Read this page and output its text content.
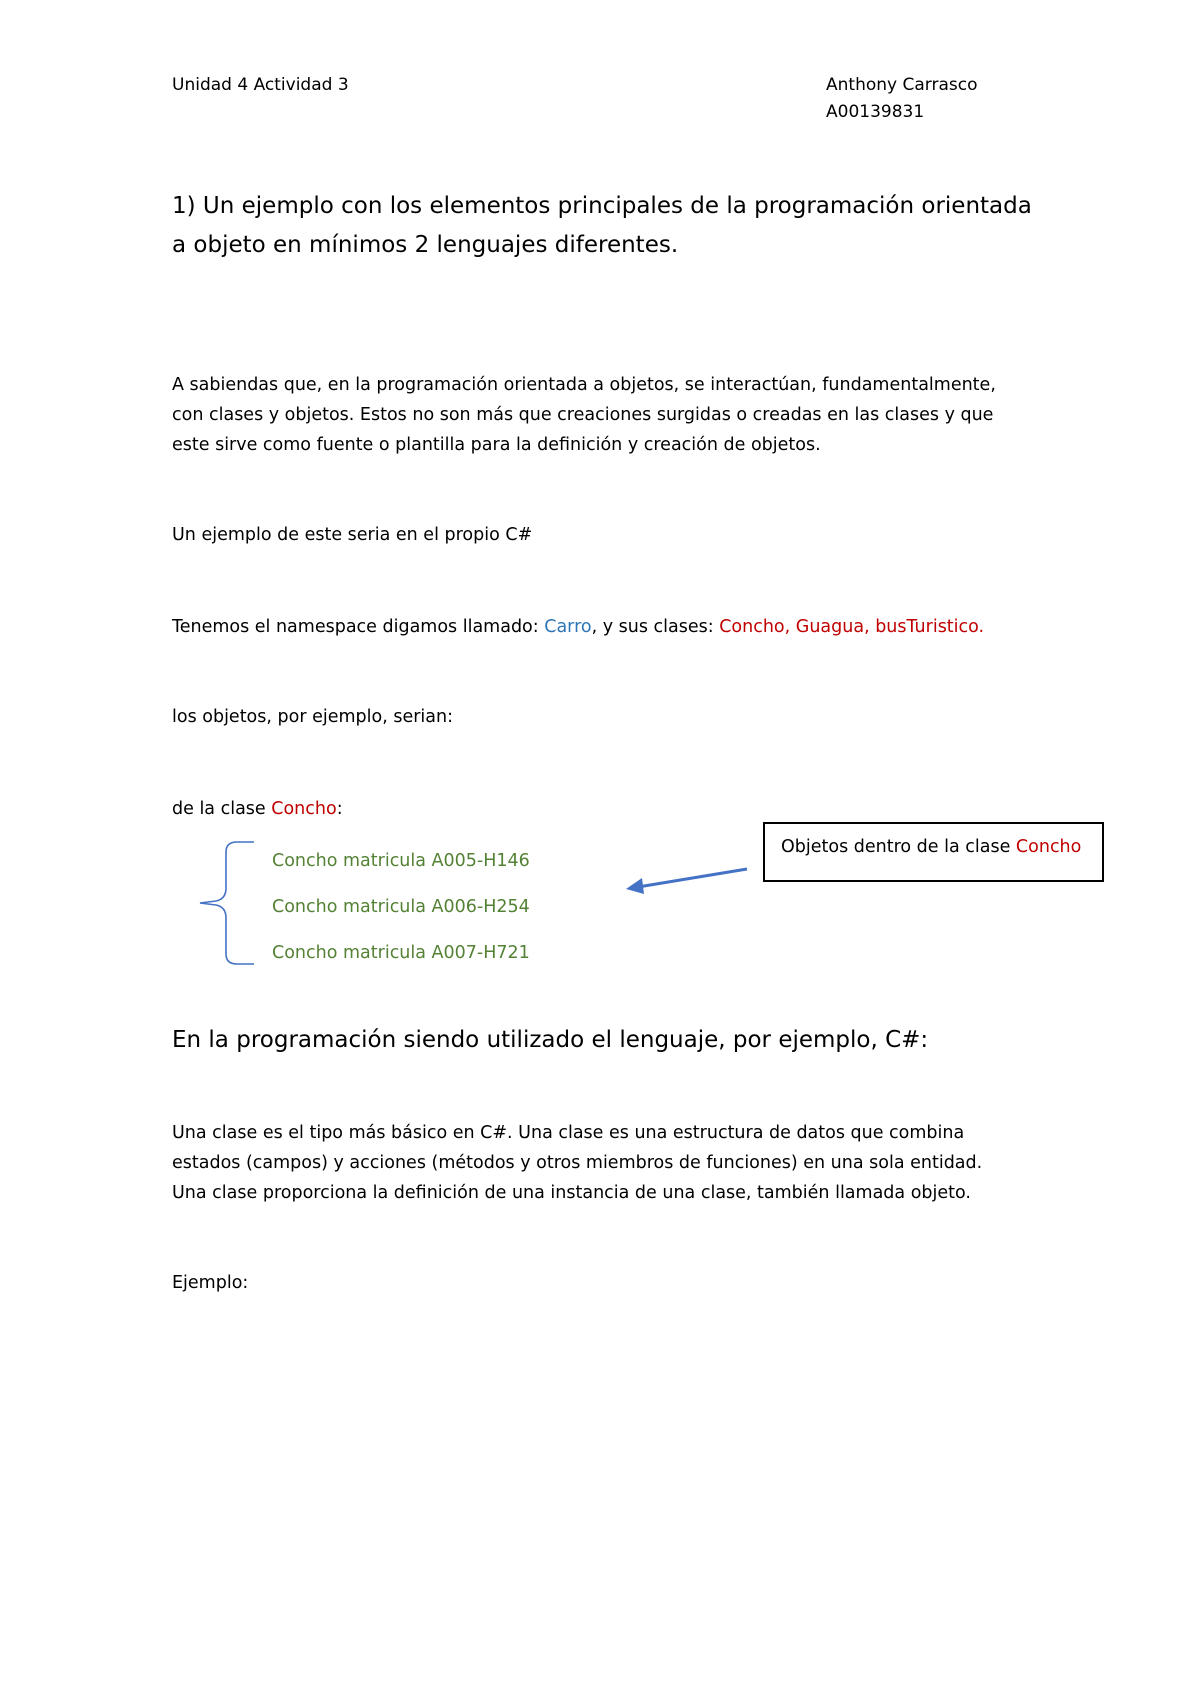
Unidad 4 Actividad 3	Anthony Carrasco
A00139831
1) Un ejemplo con los elementos principales de la programación orientada
a objeto en mínimos 2 lenguajes diferentes.
A sabiendas que, en la programación orientada a objetos, se interactúan, fundamentalmente,
con clases y objetos. Estos no son más que creaciones surgidas o creadas en las clases y que
este sirve como fuente o plantilla para la definición y creación de objetos.
Un ejemplo de este seria en el propio C#
Tenemos el namespace digamos llamado: Carro, y sus clases: Concho, Guagua, busTuristico.
los objetos, por ejemplo, serian:
de la clase Concho:
Concho matricula A005-H146
Concho matricula A006-H254
Concho matricula A007-H721
Objetos dentro de la clase Concho
En la programación siendo utilizado el lenguaje, por ejemplo, C#:
Una clase es el tipo más básico en C#. Una clase es una estructura de datos que combina
estados (campos) y acciones (métodos y otros miembros de funciones) en una sola entidad.
Una clase proporciona la definición de una instancia de una clase, también llamada objeto.
Ejemplo:
